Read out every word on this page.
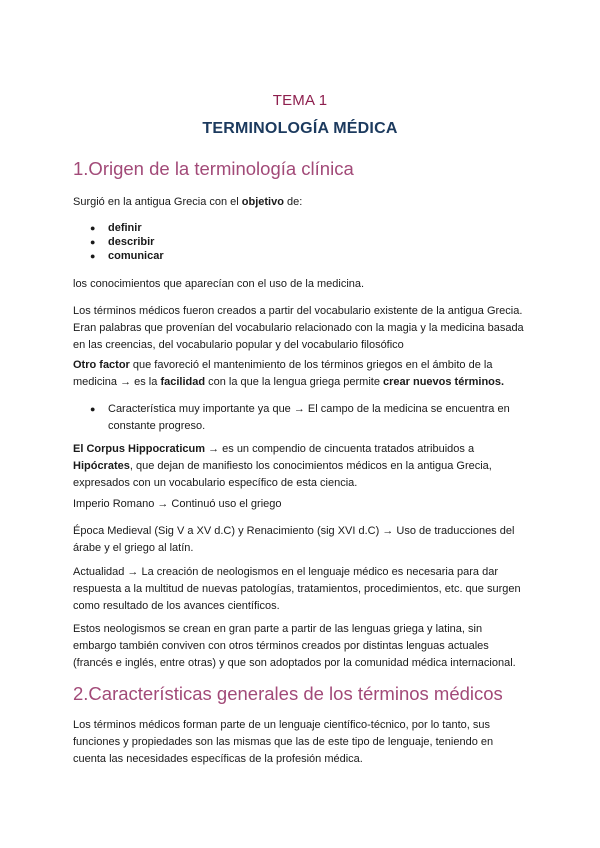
TEMA 1
TERMINOLOGÍA MÉDICA
1.Origen de la terminología clínica
Surgió en la antigua Grecia con el objetivo de:
● definir
● describir
● comunicar
los conocimientos que aparecían con el uso de la medicina.
Los términos médicos fueron creados a partir del vocabulario existente de la antigua Grecia.
Eran palabras que provenían del vocabulario relacionado con la magia y la medicina basada
en las creencias, del vocabulario popular y del vocabulario filosófico
Otro factor que favoreció el mantenimiento de los términos griegos en el ámbito de la
medicina → es la facilidad con la que la lengua griega permite crear nuevos términos.
● Característica muy importante ya que → El campo de la medicina se encuentra en
constante progreso.
El Corpus Hippocraticum → es un compendio de cincuenta tratados atribuidos a
Hipócrates, que dejan de manifiesto los conocimientos médicos en la antigua Grecia,
expresados con un vocabulario específico de esta ciencia.
Imperio Romano → Continuó uso el griego
Época Medieval (Sig V a XV d.C) y Renacimiento (sig XVI d.C) → Uso de traducciones del
árabe y el griego al latín.
Actualidad → La creación de neologismos en el lenguaje médico es necesaria para dar
respuesta a la multitud de nuevas patologías, tratamientos, procedimientos, etc. que surgen
como resultado de los avances científicos.
Estos neologismos se crean en gran parte a partir de las lenguas griega y latina, sin
embargo también conviven con otros términos creados por distintas lenguas actuales
(francés e inglés, entre otras) y que son adoptados por la comunidad médica internacional.
2.Características generales de los términos médicos
Los términos médicos forman parte de un lenguaje científico-técnico, por lo tanto, sus
funciones y propiedades son las mismas que las de este tipo de lenguaje, teniendo en
cuenta las necesidades específicas de la profesión médica.
